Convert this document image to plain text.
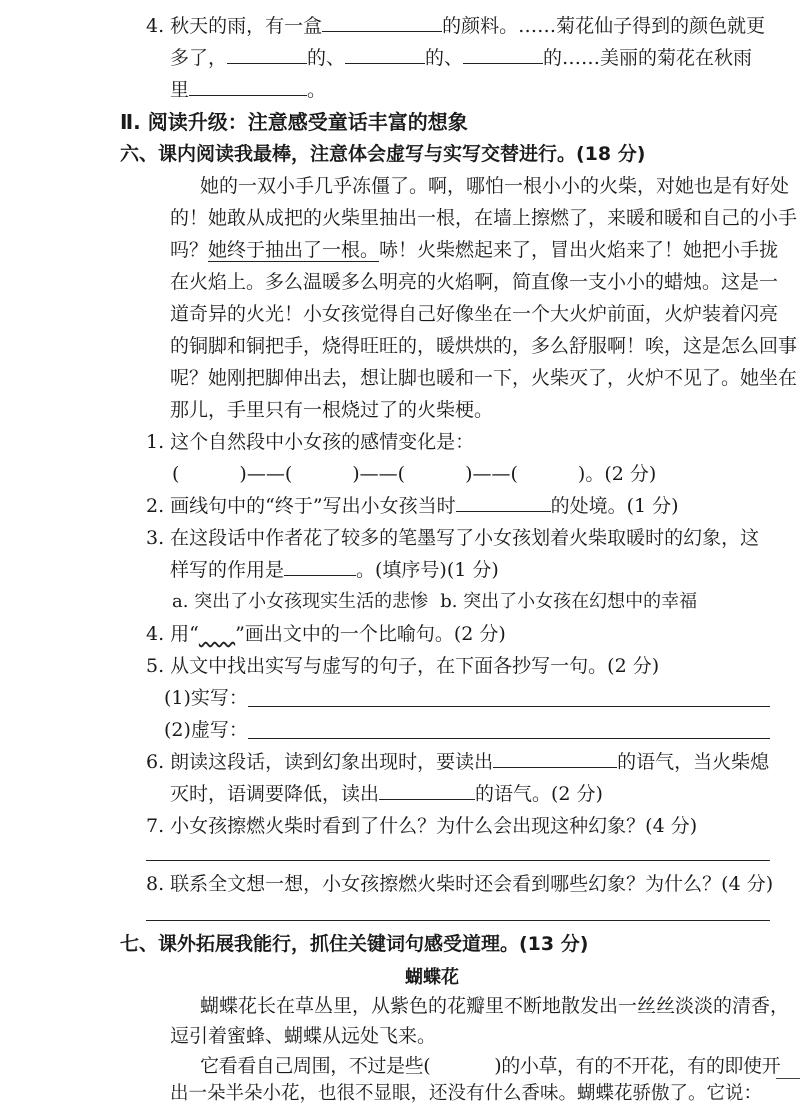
4. 秋天的雨，有一盒	的颜料。……菊花仙子得到的颜色就更
多了，	的、	的、	的……美丽的菊花在秋雨
里	。
Ⅱ. 阅读升级：注意感受童话丰富的想象
六、课内阅读我最棒，注意体会虚写与实写交替进行。(18 分)
她的一双小手几乎冻僵了。啊，哪怕一根小小的火柴，对她也是有好处
的！她敢从成把的火柴里抽出一根，在墙上擦燃了，来暖和暖和自己的小手
吗？她终于抽出了一根。哧！火柴燃起来了，冒出火焰来了！她把小手拢
在火焰上。多么温暖多么明亮的火焰啊，简直像一支小小的蜡烛。这是一
道奇异的火光！小女孩觉得自己好像坐在一个大火炉前面，火炉装着闪亮
的铜脚和铜把手，烧得旺旺的，暖烘烘的，多么舒服啊！唉，这是怎么回事
呢？她刚把脚伸出去，想让脚也暖和一下，火柴灭了，火炉不见了。她坐在
那儿，手里只有一根烧过了的火柴梗。
1. 这个自然段中小女孩的感情变化是：
(	)——(	)——(	)——(	)。(2 分)
2. 画线句中的“终于”写出小女孩当时	的处境。(1 分)
3. 在这段话中作者花了较多的笔墨写了小女孩划着火柴取暖时的幻象，这
样写的作用是	。(填序号)(1 分)
a. 突出了小女孩现实生活的悲惨 b. 突出了小女孩在幻想中的幸福
4. 用“ ”画出文中的一个比喻句。(2 分)
5. 从文中找出实写与虚写的句子，在下面各抄写一句。(2 分)
(1)实写：
(2)虚写：
6. 朗读这段话，读到幻象出现时，要读出	的语气，当火柴熄
灭时，语调要降低，读出	的语气。(2 分)
7. 小女孩擦燃火柴时看到了什么？为什么会出现这种幻象？(4 分)
8. 联系全文想一想，小女孩擦燃火柴时还会看到哪些幻象？为什么？(4 分)
七、课外拓展我能行，抓住关键词句感受道理。(13 分)
蝴蝶花
蝴蝶花长在草丛里，从紫色的花瓣里不断地散发出一丝丝淡淡的清香，
逗引着蜜蜂、蝴蝶从远处飞来。
它看看自己周围，不过是些(	)的小草，有的不开花，有的即使开
出一朵半朵小花，也很不显眼，还没有什么香味。蝴蝶花骄傲了。它说：
